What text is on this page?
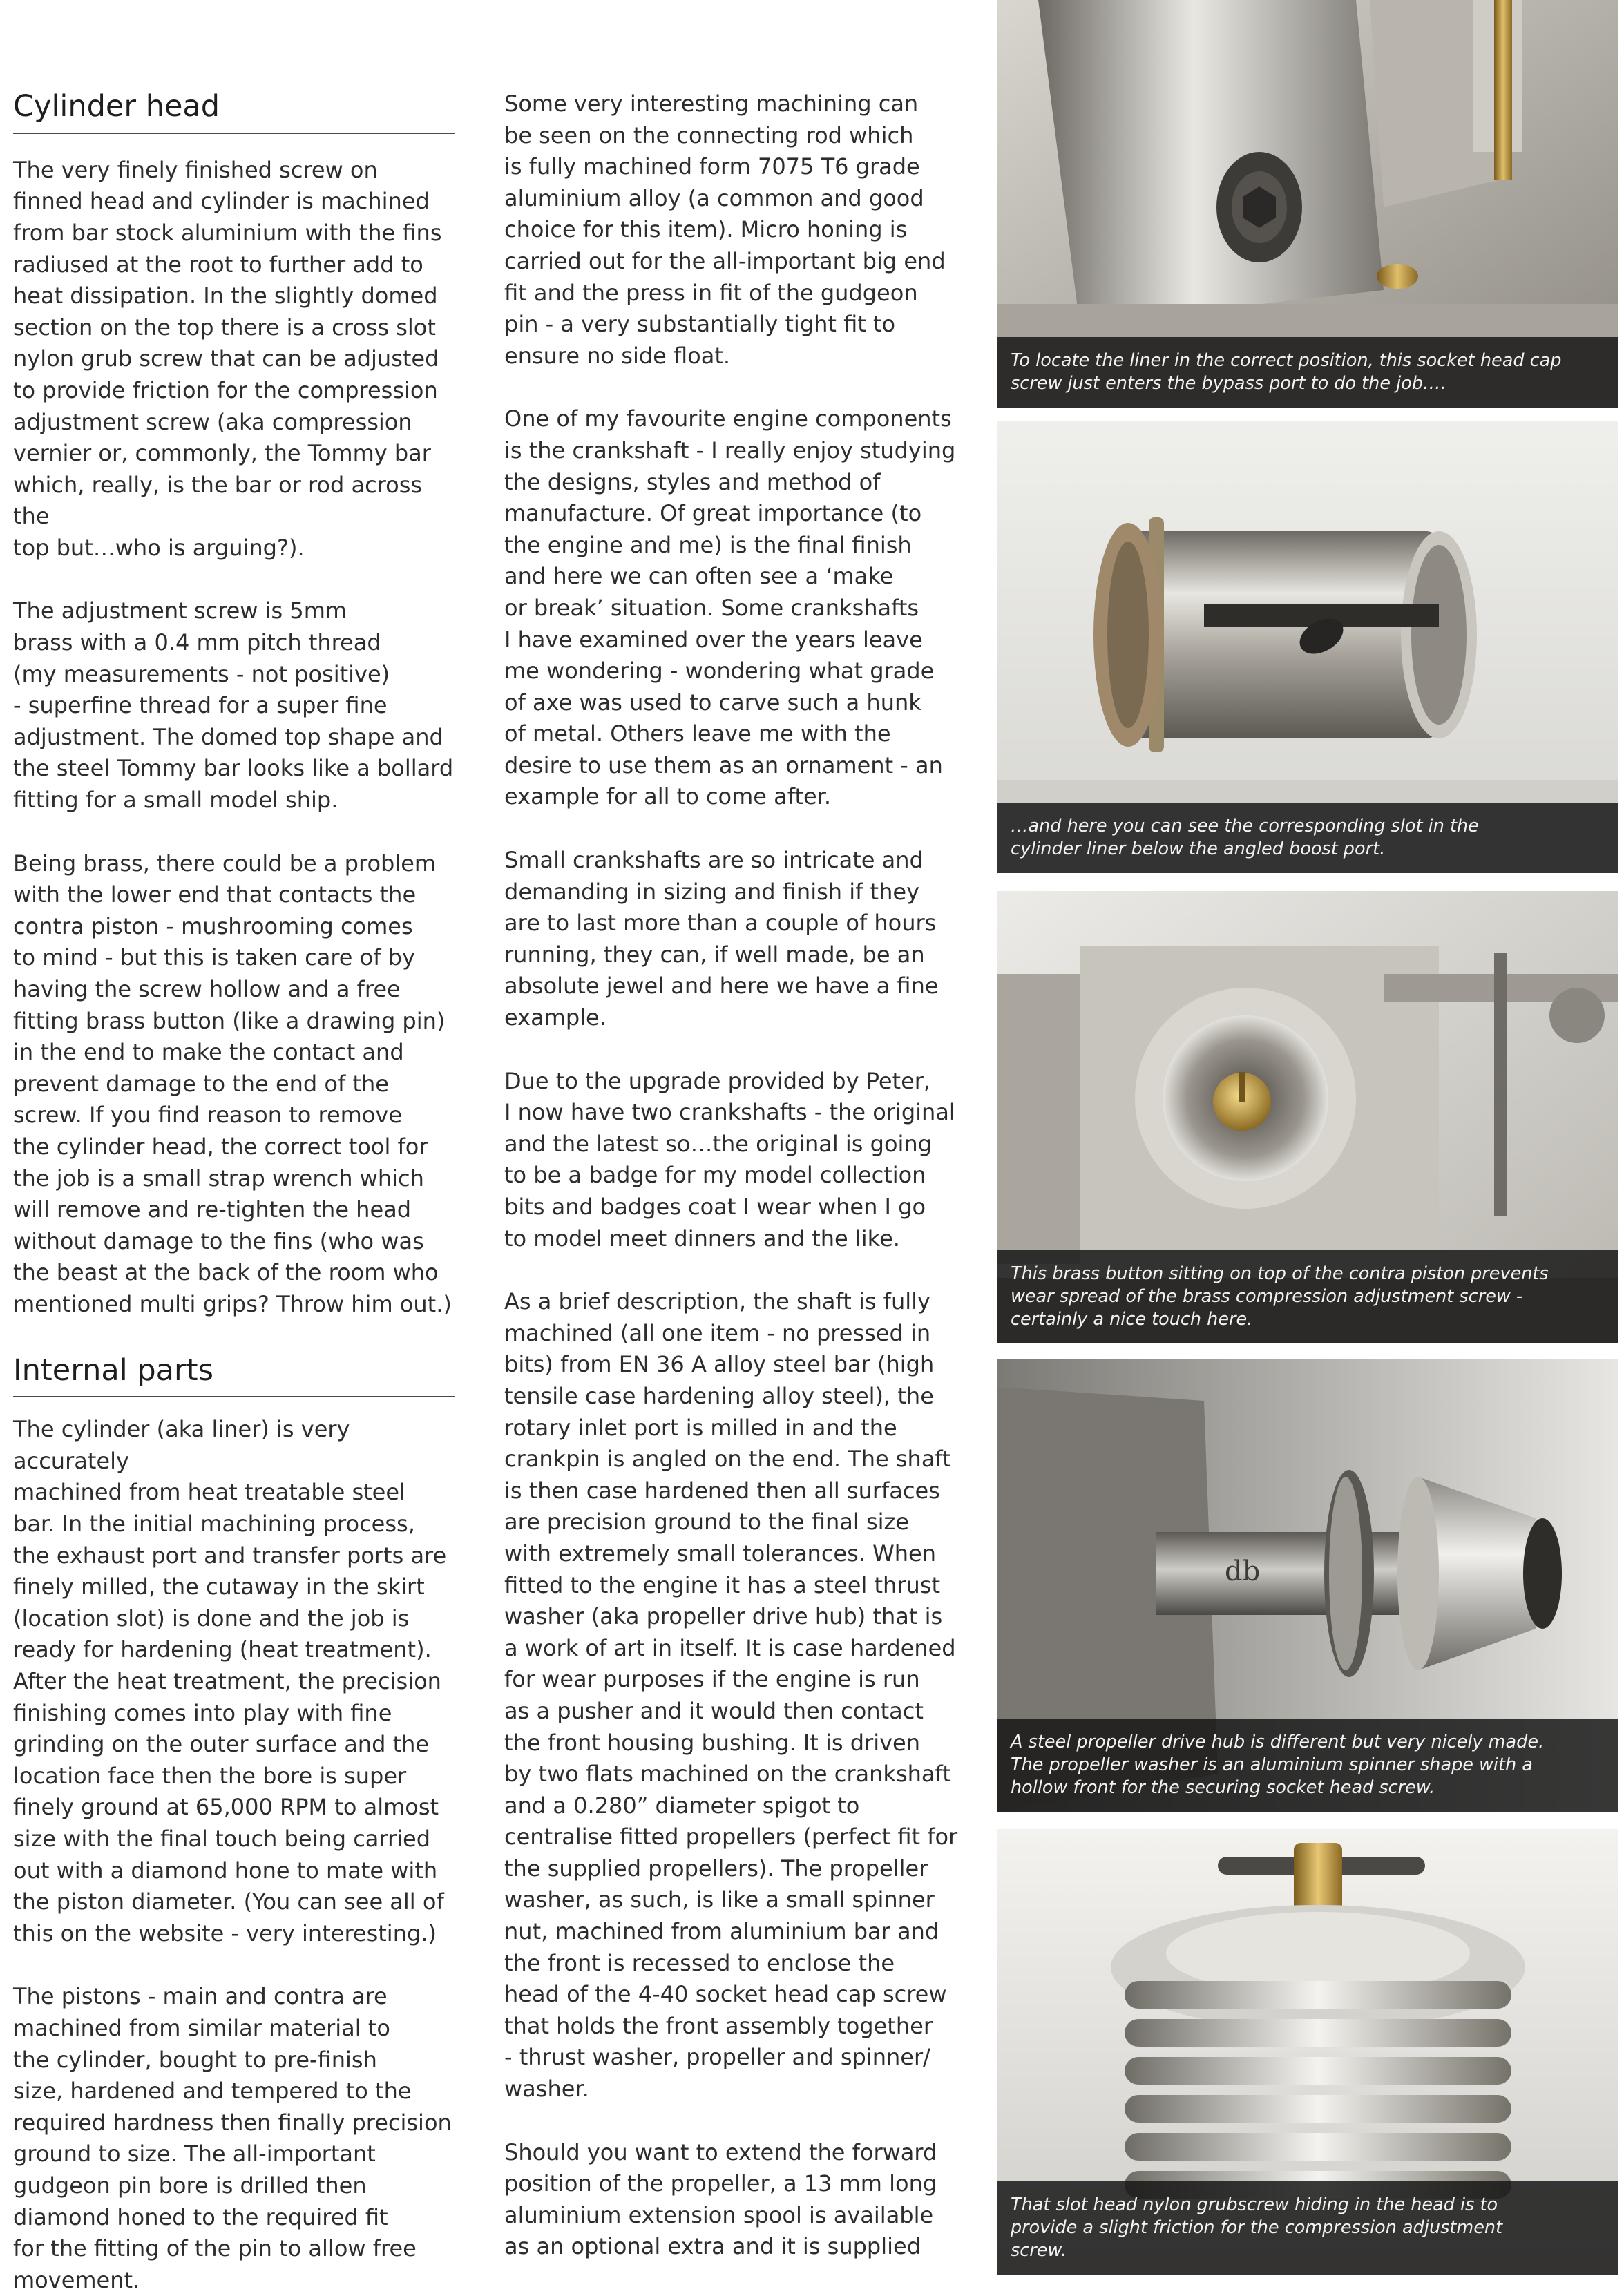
Cylinder head

The very finely finished screw on
finned head and cylinder is machined
from bar stock aluminium with the fins
radiused at the root to further add to
heat dissipation. In the slightly domed
section on the top there is a cross slot
nylon grub screw that can be adjusted
to provide friction for the compression
adjustment screw (aka compression
vernier or, commonly, the Tommy bar
which, really, is the bar or rod across the
top but…who is arguing?).

The adjustment screw is 5mm
brass with a 0.4 mm pitch thread
(my measurements - not positive)
- superfine thread for a super fine
adjustment. The domed top shape and
the steel Tommy bar looks like a bollard
fitting for a small model ship.

Being brass, there could be a problem
with the lower end that contacts the
contra piston - mushrooming comes
to mind - but this is taken care of by
having the screw hollow and a free
fitting brass button (like a drawing pin)
in the end to make the contact and
prevent damage to the end of the
screw. If you find reason to remove
the cylinder head, the correct tool for
the job is a small strap wrench which
will remove and re-tighten the head
without damage to the fins (who was
the beast at the back of the room who
mentioned multi grips? Throw him out.)

Internal parts

The cylinder (aka liner) is very accurately
machined from heat treatable steel
bar. In the initial machining process,
the exhaust port and transfer ports are
finely milled, the cutaway in the skirt
(location slot) is done and the job is
ready for hardening (heat treatment).
After the heat treatment, the precision
finishing comes into play with fine
grinding on the outer surface and the
location face then the bore is super
finely ground at 65,000 RPM to almost
size with the final touch being carried
out with a diamond hone to mate with
the piston diameter. (You can see all of
this on the website - very interesting.)

The pistons - main and contra are
machined from similar material to
the cylinder, bought to pre-finish
size, hardened and tempered to the
required hardness then finally precision
ground to size. The all-important
gudgeon pin bore is drilled then
diamond honed to the required fit
for the fitting of the pin to allow free
movement.

Some very interesting machining can
be seen on the connecting rod which
is fully machined form 7075 T6 grade
aluminium alloy (a common and good
choice for this item). Micro honing is
carried out for the all-important big end
fit and the press in fit of the gudgeon
pin - a very substantially tight fit to
ensure no side float.

One of my favourite engine components
is the crankshaft - I really enjoy studying
the designs, styles and method of
manufacture. Of great importance (to
the engine and me) is the final finish
and here we can often see a ‘make
or break’ situation. Some crankshafts
I have examined over the years leave
me wondering - wondering what grade
of axe was used to carve such a hunk
of metal. Others leave me with the
desire to use them as an ornament - an
example for all to come after.

Small crankshafts are so intricate and
demanding in sizing and finish if they
are to last more than a couple of hours
running, they can, if well made, be an
absolute jewel and here we have a fine
example.

Due to the upgrade provided by Peter,
I now have two crankshafts - the original
and the latest so…the original is going
to be a badge for my model collection
bits and badges coat I wear when I go
to model meet dinners and the like.

As a brief description, the shaft is fully
machined (all one item - no pressed in
bits) from EN 36 A alloy steel bar (high
tensile case hardening alloy steel), the
rotary inlet port is milled in and the
crankpin is angled on the end. The shaft
is then case hardened then all surfaces
are precision ground to the final size
with extremely small tolerances. When
fitted to the engine it has a steel thrust
washer (aka propeller drive hub) that is
a work of art in itself. It is case hardened
for wear purposes if the engine is run
as a pusher and it would then contact
the front housing bushing. It is driven
by two flats machined on the crankshaft
and a 0.280” diameter spigot to
centralise fitted propellers (perfect fit for
the supplied propellers). The propeller
washer, as such, is like a small spinner
nut, machined from aluminium bar and
the front is recessed to enclose the
head of the 4-40 socket head cap screw
that holds the front assembly together
- thrust washer, propeller and spinner/
washer.

Should you want to extend the forward
position of the propeller, a 13 mm long
aluminium extension spool is available
as an optional extra and it is supplied

To locate the liner in the correct position, this socket head cap
screw just enters the bypass port to do the job….
…and here you can see the corresponding slot in the
cylinder liner below the angled boost port.
This brass button sitting on top of the contra piston prevents
wear spread of the brass compression adjustment screw -
certainly a nice touch here.
db
A steel propeller drive hub is different but very nicely made.
The propeller washer is an aluminium spinner shape with a
hollow front for the securing socket head screw.
That slot head nylon grubscrew hiding in the head is to
provide a slight friction for the compression adjustment
screw.
